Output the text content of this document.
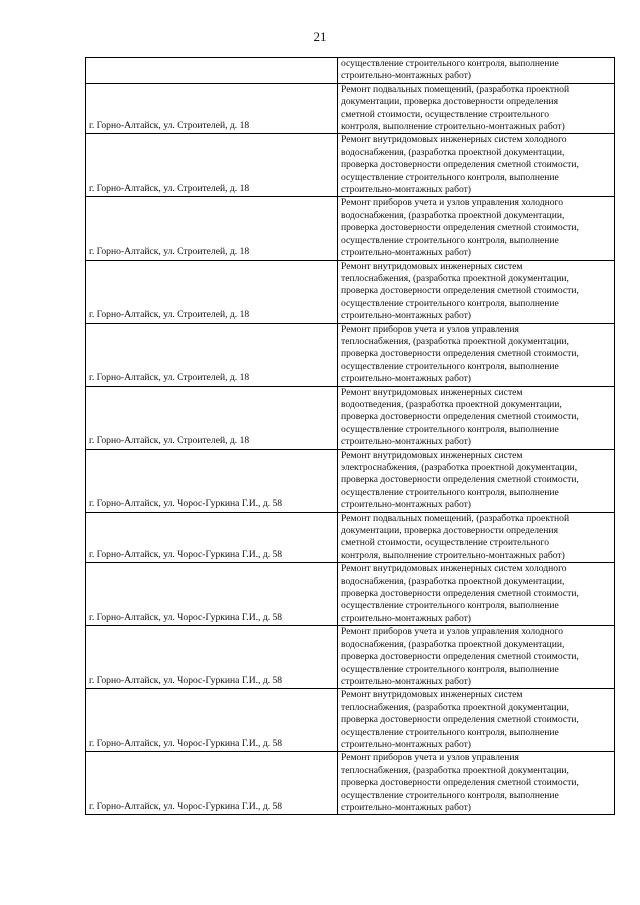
21

	осуществление строительного контроля, выполнение
строительно-монтажных работ)

г. Горно-Алтайск, ул. Строителей, д. 18	Ремонт подвальных помещений, (разработка проектной
документации, проверка достоверности определения
сметной стоимости, осуществление строительного
контроля, выполнение строительно-монтажных работ)

г. Горно-Алтайск, ул. Строителей, д. 18	Ремонт внутридомовых инженерных систем холодного
водоснабжения, (разработка проектной документации,
проверка достоверности определения сметной стоимости,
осуществление строительного контроля, выполнение
строительно-монтажных работ)

г. Горно-Алтайск, ул. Строителей, д. 18	Ремонт приборов учета и узлов управления холодного
водоснабжения, (разработка проектной документации,
проверка достоверности определения сметной стоимости,
осуществление строительного контроля, выполнение
строительно-монтажных работ)

г. Горно-Алтайск, ул. Строителей, д. 18	Ремонт внутридомовых инженерных систем
теплоснабжения, (разработка проектной документации,
проверка достоверности определения сметной стоимости,
осуществление строительного контроля, выполнение
строительно-монтажных работ)

г. Горно-Алтайск, ул. Строителей, д. 18	Ремонт приборов учета и узлов управления
теплоснабжения, (разработка проектной документации,
проверка достоверности определения сметной стоимости,
осуществление строительного контроля, выполнение
строительно-монтажных работ)

г. Горно-Алтайск, ул. Строителей, д. 18	Ремонт внутридомовых инженерных систем
водоотведения, (разработка проектной документации,
проверка достоверности определения сметной стоимости,
осуществление строительного контроля, выполнение
строительно-монтажных работ)

г. Горно-Алтайск, ул. Чорос-Гуркина Г.И., д. 58	Ремонт внутридомовых инженерных систем
электроснабжения, (разработка проектной документации,
проверка достоверности определения сметной стоимости,
осуществление строительного контроля, выполнение
строительно-монтажных работ)

г. Горно-Алтайск, ул. Чорос-Гуркина Г.И., д. 58	Ремонт подвальных помещений, (разработка проектной
документации, проверка достоверности определения
сметной стоимости, осуществление строительного
контроля, выполнение строительно-монтажных работ)

г. Горно-Алтайск, ул. Чорос-Гуркина Г.И., д. 58	Ремонт внутридомовых инженерных систем холодного
водоснабжения, (разработка проектной документации,
проверка достоверности определения сметной стоимости,
осуществление строительного контроля, выполнение
строительно-монтажных работ)

г. Горно-Алтайск, ул. Чорос-Гуркина Г.И., д. 58	Ремонт приборов учета и узлов управления холодного
водоснабжения, (разработка проектной документации,
проверка достоверности определения сметной стоимости,
осуществление строительного контроля, выполнение
строительно-монтажных работ)

г. Горно-Алтайск, ул. Чорос-Гуркина Г.И., д. 58	Ремонт внутридомовых инженерных систем
теплоснабжения, (разработка проектной документации,
проверка достоверности определения сметной стоимости,
осуществление строительного контроля, выполнение
строительно-монтажных работ)

г. Горно-Алтайск, ул. Чорос-Гуркина Г.И., д. 58	Ремонт приборов учета и узлов управления
теплоснабжения, (разработка проектной документации,
проверка достоверности определения сметной стоимости,
осуществление строительного контроля, выполнение
строительно-монтажных работ)
